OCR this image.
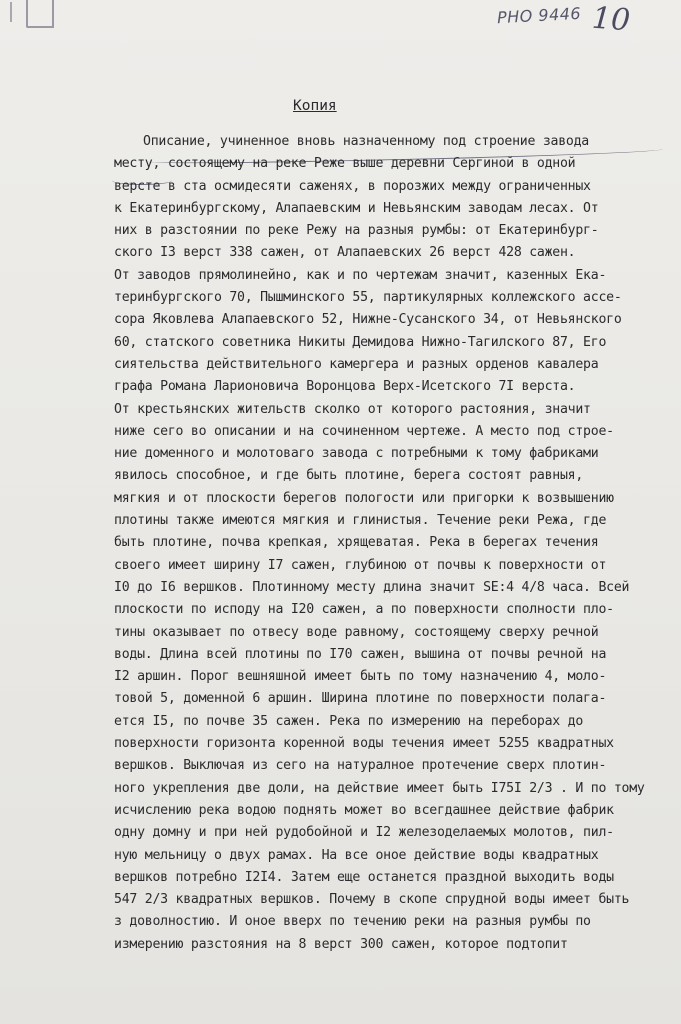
РНО 9446 10
Копия
Описание, учиненное вновь назначенному под строение завода
месту, состоящему на реке Реже выше деревни Сергиной в одной
версте в ста осмидесяти саженях, в порозжих между ограниченных
к Екатеринбургскому, Алапаевским и Невьянским заводам лесах. От
них в разстоянии по реке Режу на разныя румбы: от Екатеринбург-
ского I3 верст 338 сажен, от Алапаевских 26 верст 428 сажен.
От заводов прямолинейно, как и по чертежам значит, казенных Ека-
теринбургского 70, Пышминского 55, партикулярных коллежского ассе-
сора Яковлева Алапаевского 52, Нижне-Сусанского 34, от Невьянского
60, статского советника Никиты Демидова Нижно-Тагилского 87, Его
сиятельства действительного камергера и разных орденов кавалера
графа Романа Ларионовича Воронцова Верх-Исетского 7I верста.
От крестьянских жительств сколко от которого растояния, значит
ниже сего во описании и на сочиненном чертеже. А место под строе-
ние доменного и молотоваго завода с потребными к тому фабриками
явилось способное, и где быть плотине, берега состоят равныя,
мягкия и от плоскости берегов пологости или пригорки к возвышению
плотины также имеются мягкия и глинистыя. Течение реки Режа, где
быть плотине, почва крепкая, хрящеватая. Река в берегах течения
своего имеет ширину I7 сажен, глубиною от почвы к поверхности от
I0 до I6 вершков. Плотинному месту длина значит SE:4 4/8 часа. Всей
плоскости по исподу на I20 сажен, а по поверхности сполности пло-
тины оказывает по отвесу воде равному, состоящему сверху речной
воды. Длина всей плотины по I70 сажен, вышина от почвы речной на
I2 аршин. Порог вешняшной имеет быть по тому назначению 4, моло-
товой 5, доменной 6 аршин. Ширина плотине по поверхности полага-
ется I5, по почве 35 сажен. Река по измерению на переборах до
поверхности горизонта коренной воды течения имеет 5255 квадратных
вершков. Выключая из сего на натуралное протечение сверх плотин-
ного укрепления две доли, на действие имеет быть I75I 2/3 . И по тому
исчислению река водою поднять может во всегдашнее действие фабрик
одну домну и при ней рудобойной и I2 железоделаемых молотов, пил-
ную мельницу о двух рамах. На все оное действие воды квадратных
вершков потребно I2I4. Затем еще останется праздной выходить воды
547 2/3 квадратных вершков. Почему в скопе спрудной воды имеет быть
з доволностию. И оное вверх по течению реки на разныя румбы по
измерению разстояния на 8 верст 300 сажен, которое подтопит
